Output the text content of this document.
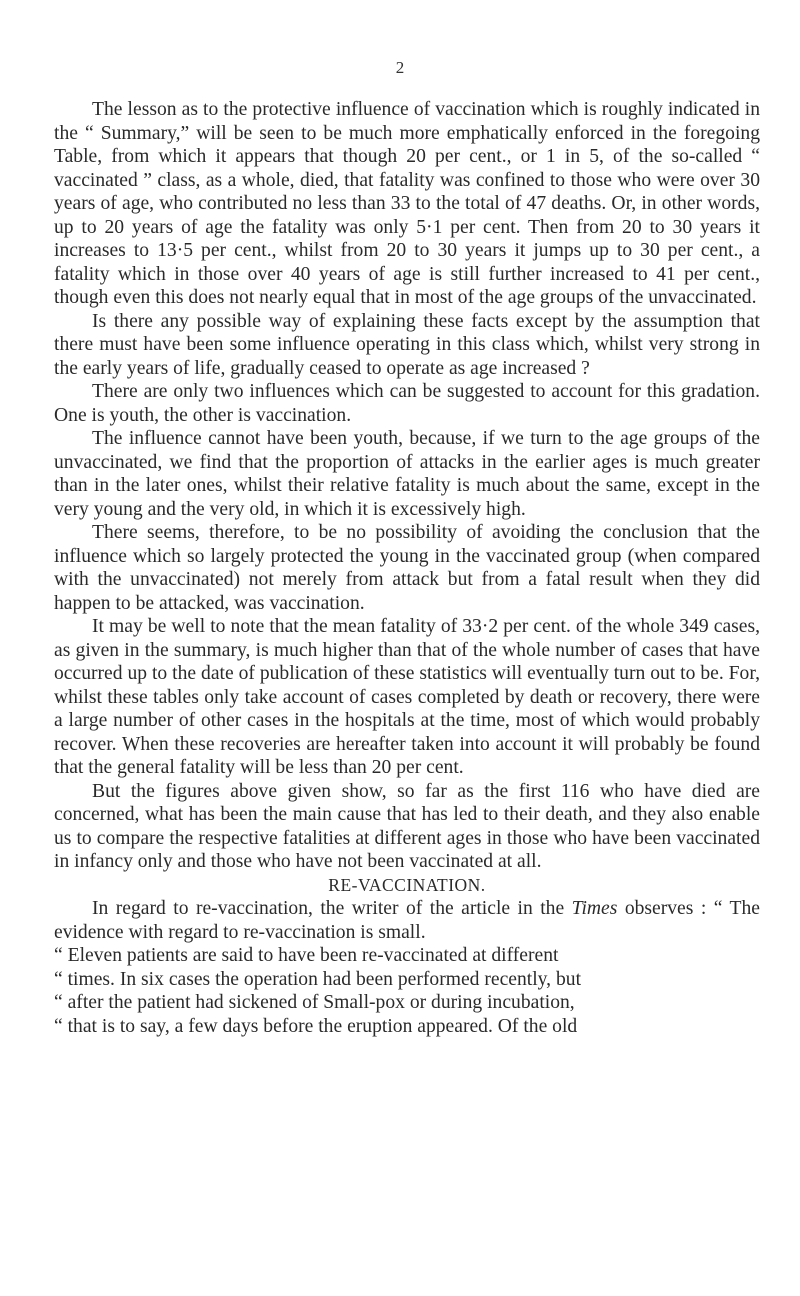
2

The lesson as to the protective influence of vaccination which is roughly indicated in the “ Summary,” will be seen to be much more emphatically enforced in the foregoing Table, from which it appears that though 20 per cent., or 1 in 5, of the so-called “ vaccinated ” class, as a whole, died, that fatality was confined to those who were over 30 years of age, who contributed no less than 33 to the total of 47 deaths. Or, in other words, up to 20 years of age the fatality was only 5·1 per cent. Then from 20 to 30 years it increases to 13·5 per cent., whilst from 20 to 30 years it jumps up to 30 per cent., a fatality which in those over 40 years of age is still further increased to 41 per cent., though even this does not nearly equal that in most of the age groups of the unvaccinated.

Is there any possible way of explaining these facts except by the assumption that there must have been some influence operating in this class which, whilst very strong in the early years of life, gradually ceased to operate as age increased ?

There are only two influences which can be suggested to account for this gradation. One is youth, the other is vaccination.

The influence cannot have been youth, because, if we turn to the age groups of the unvaccinated, we find that the proportion of attacks in the earlier ages is much greater than in the later ones, whilst their relative fatality is much about the same, except in the very young and the very old, in which it is excessively high.

There seems, therefore, to be no possibility of avoiding the conclusion that the influence which so largely protected the young in the vaccinated group (when compared with the unvaccinated) not merely from attack but from a fatal result when they did happen to be attacked, was vaccination.

It may be well to note that the mean fatality of 33·2 per cent. of the whole 349 cases, as given in the summary, is much higher than that of the whole number of cases that have occurred up to the date of publication of these statistics will eventually turn out to be. For, whilst these tables only take account of cases completed by death or recovery, there were a large number of other cases in the hospitals at the time, most of which would probably recover. When these recoveries are hereafter taken into account it will probably be found that the general fatality will be less than 20 per cent.

But the figures above given show, so far as the first 116 who have died are concerned, what has been the main cause that has led to their death, and they also enable us to compare the respective fatalities at different ages in those who have been vaccinated in infancy only and those who have not been vaccinated at all.

RE-VACCINATION.

In regard to re-vaccination, the writer of the article in the Times observes : “ The evidence with regard to re-vaccination is small.

“ Eleven patients are said to have been re-vaccinated at different
“ times. In six cases the operation had been performed recently, but
“ after the patient had sickened of Small-pox or during incubation,
“ that is to say, a few days before the eruption appeared. Of the old
